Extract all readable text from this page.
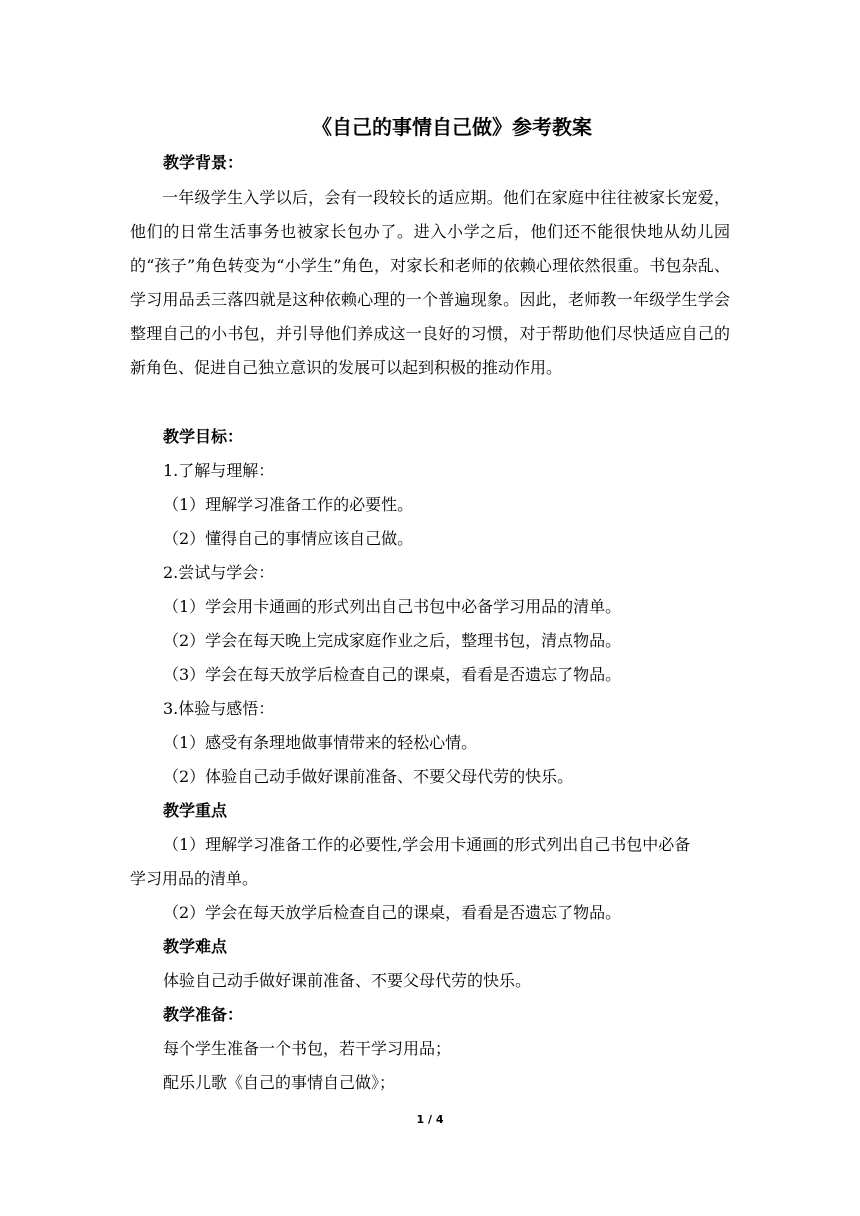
《自己的事情自己做》参考教案
教学背景：

一年级学生入学以后，会有一段较长的适应期。他们在家庭中往往被家长宠爱，他们的日常生活事务也被家长包办了。进入小学之后，他们还不能很快地从幼儿园的“孩子”角色转变为“小学生”角色，对家长和老师的依赖心理依然很重。书包杂乱、学习用品丢三落四就是这种依赖心理的一个普遍现象。因此，老师教一年级学生学会整理自己的小书包，并引导他们养成这一良好的习惯，对于帮助他们尽快适应自己的新角色、促进自己独立意识的发展可以起到积极的推动作用。

教学目标：
1.了解与理解：
（1）理解学习准备工作的必要性。
（2）懂得自己的事情应该自己做。
2.尝试与学会：
（1）学会用卡通画的形式列出自己书包中必备学习用品的清单。
（2）学会在每天晚上完成家庭作业之后，整理书包，清点物品。
（3）学会在每天放学后检查自己的课桌，看看是否遗忘了物品。
3.体验与感悟：
（1）感受有条理地做事情带来的轻松心情。
（2）体验自己动手做好课前准备、不要父母代劳的快乐。
教学重点
（1）理解学习准备工作的必要性,学会用卡通画的形式列出自己书包中必备
学习用品的清单。
（2）学会在每天放学后检查自己的课桌，看看是否遗忘了物品。
教学难点
体验自己动手做好课前准备、不要父母代劳的快乐。
教学准备：
每个学生准备一个书包，若干学习用品；
配乐儿歌《自己的事情自己做》；
1 / 4
